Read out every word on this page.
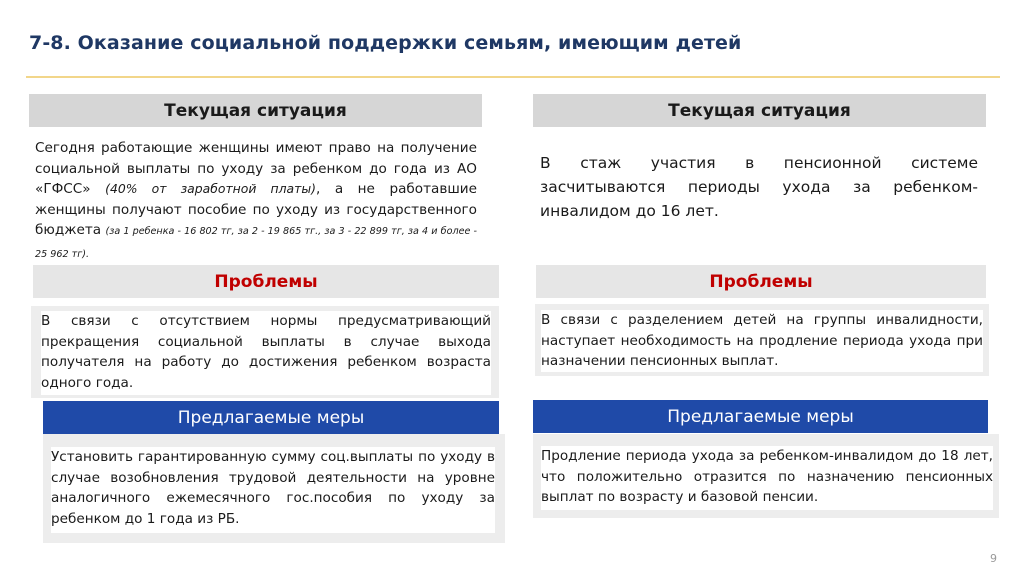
7-8. Оказание социальной поддержки семьям, имеющим детей
Текущая ситуация
Сегодня работающие женщины имеют право на получение социальной выплаты по уходу за ребенком до года из АО «ГФСС» (40% от заработной платы), а не работавшие женщины получают пособие по уходу из государственного бюджета (за 1 ребенка - 16 802 тг, за 2 - 19 865 тг., за 3 - 22 899 тг, за 4 и более - 25 962 тг).
Проблемы
В связи с отсутствием нормы предусматривающий прекращения социальной выплаты в случае выхода получателя на работу до достижения ребенком возраста одного года.
Предлагаемые меры
Установить гарантированную сумму соц.выплаты по уходу в случае возобновления трудовой деятельности на уровне аналогичного ежемесячного гос.пособия по уходу за ребенком до 1 года из РБ.
Текущая ситуация
В стаж участия в пенсионной системе засчитываются периоды ухода за ребенком-инвалидом до 16 лет.
Проблемы
В связи с разделением детей на группы инвалидности, наступает необходимость на продление периода ухода при назначении пенсионных выплат.
Предлагаемые меры
Продление периода ухода за ребенком-инвалидом до 18 лет, что положительно отразится по назначению пенсионных выплат по возрасту и базовой пенсии.
9
